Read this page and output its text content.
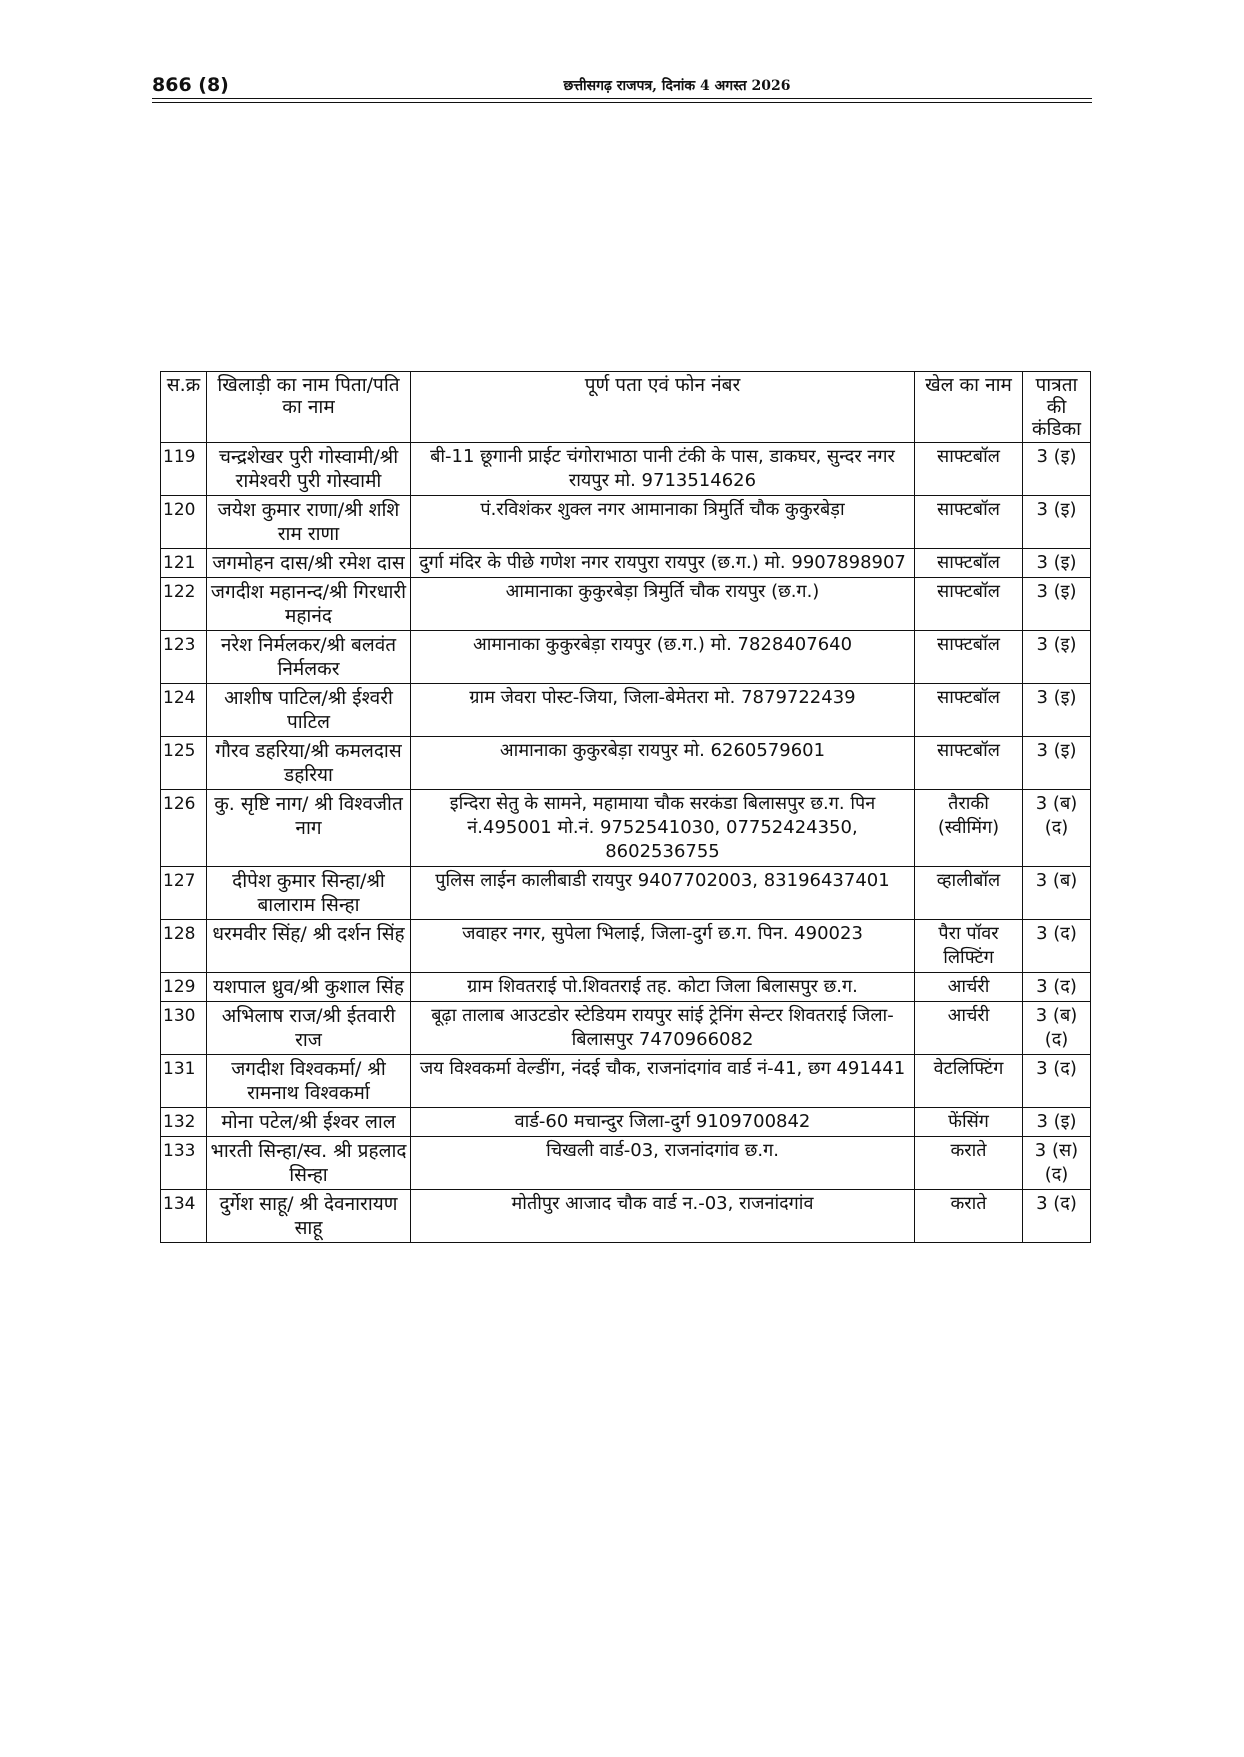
866 (8)	छत्तीसगढ़ राजपत्र, दिनांक 4 अगस्त 2026
स.क्र	खिलाड़ी का नाम पिता/पति का नाम	पूर्ण पता एवं फोन नंबर	खेल का नाम	पात्रता की कंडिका
119	चन्द्रशेखर पुरी गोस्वामी/श्री रामेश्वरी पुरी गोस्वामी	बी-11 छूगानी प्राईट चंगोराभाठा पानी टंकी के पास, डाकघर, सुन्दर नगर रायपुर मो. 9713514626	साफ्टबॉल	3 (इ)
120	जयेश कुमार राणा/श्री शशि राम राणा	पं.रविशंकर शुक्ल नगर आमानाका त्रिमुर्ति चौक कुकुरबेड़ा	साफ्टबॉल	3 (इ)
121	जगमोहन दास/श्री रमेश दास	दुर्गा मंदिर के पीछे गणेश नगर रायपुरा रायपुर (छ.ग.) मो. 9907898907	साफ्टबॉल	3 (इ)
122	जगदीश महानन्द/श्री गिरधारी महानंद	आमानाका कुकुरबेड़ा त्रिमुर्ति चौक रायपुर (छ.ग.)	साफ्टबॉल	3 (इ)
123	नरेश निर्मलकर/श्री बलवंत निर्मलकर	आमानाका कुकुरबेड़ा रायपुर (छ.ग.) मो. 7828407640	साफ्टबॉल	3 (इ)
124	आशीष पाटिल/श्री ईश्वरी पाटिल	ग्राम जेवरा पोस्ट-जिया, जिला-बेमेतरा मो. 7879722439	साफ्टबॉल	3 (इ)
125	गौरव डहरिया/श्री कमलदास डहरिया	आमानाका कुकुरबेड़ा रायपुर मो. 6260579601	साफ्टबॉल	3 (इ)
126	कु. सृष्टि नाग/ श्री विश्वजीत नाग	इन्दिरा सेतु के सामने, महामाया चौक सरकंडा बिलासपुर छ.ग. पिन नं.495001 मो.नं. 9752541030, 07752424350, 8602536755	तैराकी (स्वीमिंग)	3 (ब) (द)
127	दीपेश कुमार सिन्हा/श्री बालाराम सिन्हा	पुलिस लाईन कालीबाडी रायपुर 9407702003, 83196437401	व्हालीबॉल	3 (ब)
128	धरमवीर सिंह/ श्री दर्शन सिंह	जवाहर नगर, सुपेला भिलाई, जिला-दुर्ग छ.ग. पिन. 490023	पैरा पॉवर लिफ्टिंग	3 (द)
129	यशपाल ध्रुव/श्री कुशाल सिंह	ग्राम शिवतराई पो.शिवतराई तह. कोटा जिला बिलासपुर छ.ग.	आर्चरी	3 (द)
130	अभिलाष राज/श्री ईतवारी राज	बूढ़ा तालाब आउटडोर स्टेडियम रायपुर सांई ट्रेनिंग सेन्टर शिवतराई जिला-बिलासपुर 7470966082	आर्चरी	3 (ब) (द)
131	जगदीश विश्वकर्मा/ श्री रामनाथ विश्वकर्मा	जय विश्वकर्मा वेल्डींग, नंदई चौक, राजनांदगांव वार्ड नं-41, छग 491441	वेटलिफ्टिंग	3 (द)
132	मोना पटेल/श्री ईश्वर लाल	वार्ड-60 मचान्दुर जिला-दुर्ग 9109700842	फेंसिंग	3 (इ)
133	भारती सिन्हा/स्व. श्री प्रहलाद सिन्हा	चिखली वार्ड-03, राजनांदगांव छ.ग.	कराते	3 (स) (द)
134	दुर्गेश साहू/ श्री देवनारायण साहू	मोतीपुर आजाद चौक वार्ड न.-03, राजनांदगांव	कराते	3 (द)
